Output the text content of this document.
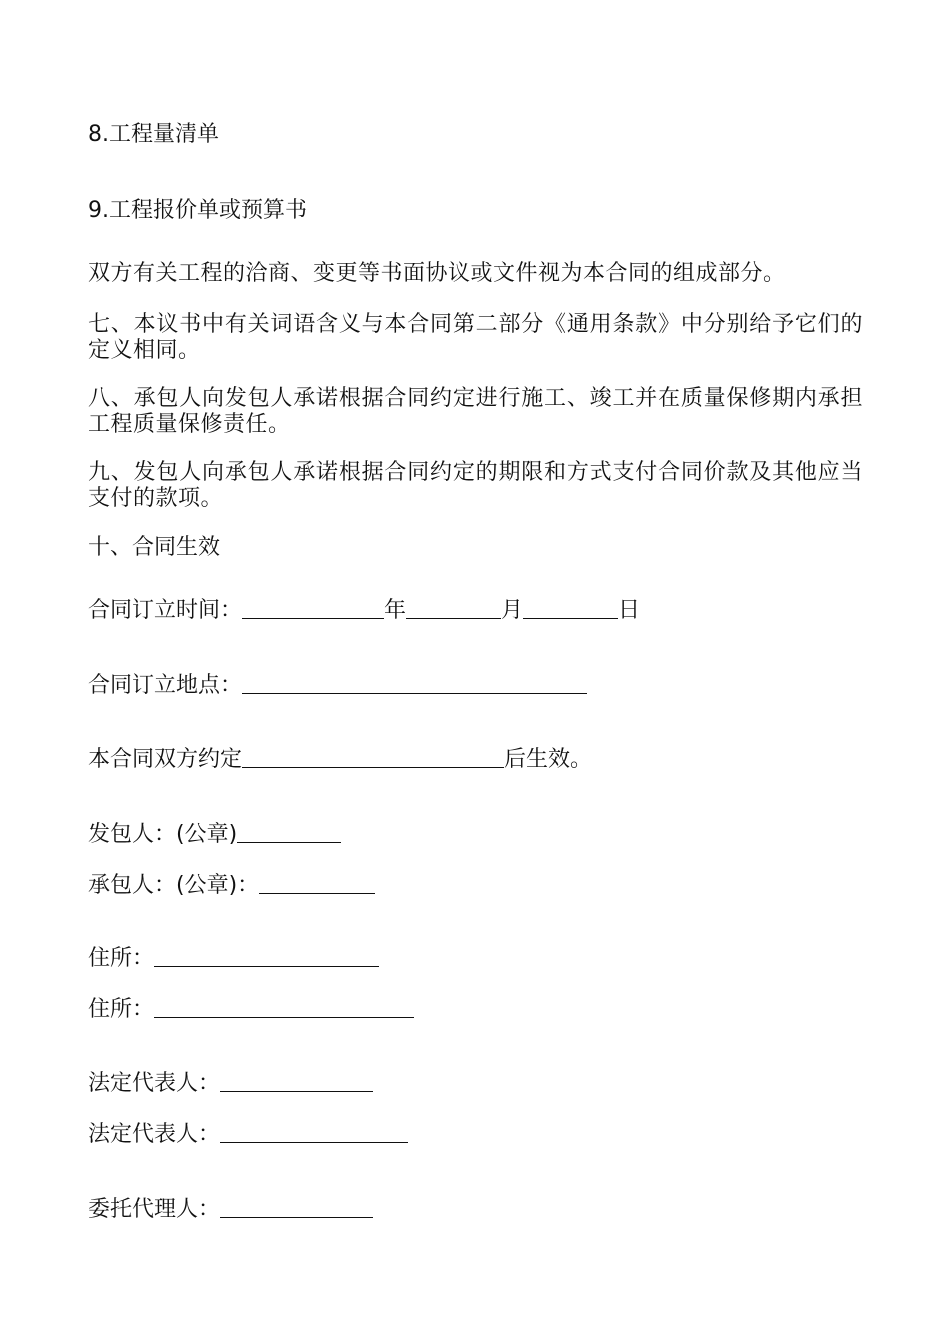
8.工程量清单

9.工程报价单或预算书

双方有关工程的洽商、变更等书面协议或文件视为本合同的组成部分。

七、本议书中有关词语含义与本合同第二部分《通用条款》中分别给予它们的定义相同。

八、承包人向发包人承诺根据合同约定进行施工、竣工并在质量保修期内承担工程质量保修责任。

九、发包人向承包人承诺根据合同约定的期限和方式支付合同价款及其他应当支付的款项。

十、合同生效

合同订立时间：	年	月	日

合同订立地点：

本合同双方约定	后生效。

发包人：(公章)

承包人：(公章)：

住所：

住所：

法定代表人：

法定代表人：

委托代理人：
